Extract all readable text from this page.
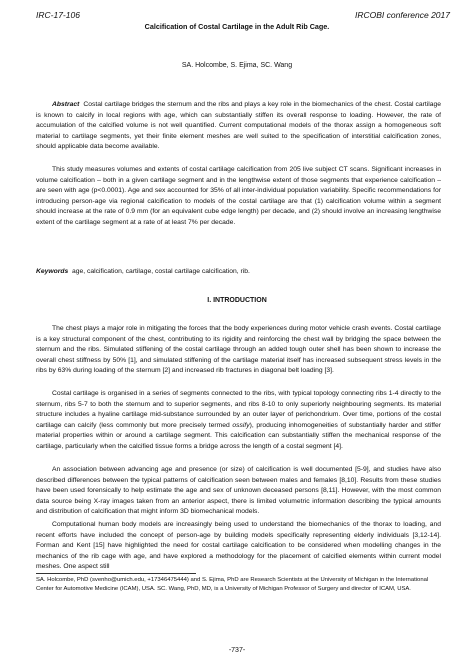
IRC-17-106
Calcification of Costal Cartilage in the Adult Rib Cage.
IRCOBI conference 2017
SA. Holcombe, S. Ejima, SC. Wang

Abstract Costal cartilage bridges the sternum and the ribs and plays a key role in the biomechanics of the chest. Costal cartilage is known to calcify in local regions with age, which can substantially stiffen its overall response to loading. However, the rate of accumulation of the calcified volume is not well quantified. Current computational models of the thorax assign a homogeneous soft material to cartilage segments, yet their finite element meshes are well suited to the specification of interstitial calcification zones, should applicable data become available.

This study measures volumes and extents of costal cartilage calcification from 205 live subject CT scans. Significant increases in volume calcification – both in a given cartilage segment and in the lengthwise extent of those segments that experience calcification – are seen with age (p<0.0001). Age and sex accounted for 35% of all inter-individual population variability. Specific recommendations for introducing person-age via regional calcification to models of the costal cartilage are that (1) calcification volume within a segment should increase at the rate of 0.9 mm (for an equivalent cube edge length) per decade, and (2) should involve an increasing lengthwise extent of the cartilage segment at a rate of at least 7% per decade.

Keywords age, calcification, cartilage, costal cartilage calcification, rib.

I. INTRODUCTION

The chest plays a major role in mitigating the forces that the body experiences during motor vehicle crash events. Costal cartilage is a key structural component of the chest, contributing to its rigidity and reinforcing the chest wall by bridging the space between the sternum and the ribs. Simulated stiffening of the costal cartilage through an added tough outer shell has been shown to increase the overall chest stiffness by 50% [1], and simulated stiffening of the cartilage material itself has increased subsequent stress levels in the ribs by 63% during loading of the sternum [2] and increased rib fractures in diagonal belt loading [3].

Costal cartilage is organised in a series of segments connected to the ribs, with typical topology connecting ribs 1-4 directly to the sternum, ribs 5-7 to both the sternum and to superior segments, and ribs 8-10 to only superiorly neighbouring segments. Its material structure includes a hyaline cartilage mid-substance surrounded by an outer layer of perichondrium. Over time, portions of the costal cartilage can calcify (less commonly but more precisely termed ossify), producing inhomogeneities of substantially harder and stiffer material properties within or around a cartilage segment. This calcification can substantially stiffen the mechanical response of the cartilage, particularly when the calcified tissue forms a bridge across the length of a costal segment [4].

An association between advancing age and presence (or size) of calcification is well documented [5-9], and studies have also described differences between the typical patterns of calcification seen between males and females [8,10]. Results from these studies have been used forensically to help estimate the age and sex of unknown deceased persons [8,11]. However, with the most common data source being X-ray images taken from an anterior aspect, there is limited volumetric information describing the typical amounts and distribution of calcification that might inform 3D biomechanical models.

Computational human body models are increasingly being used to understand the biomechanics of the thorax to loading, and recent efforts have included the concept of person-age by building models specifically representing elderly individuals [3,12-14]. Forman and Kent [15] have highlighted the need for costal cartilage calcification to be considered when modelling changes in the mechanics of the rib cage with age, and have explored a methodology for the placement of calcified elements within current model meshes. One aspect still

SA. Holcombe, PhD (svenho@umich.edu, +17346475444) and S. Ejima, PhD are Research Scientists at the University of Michigan in the International Center for Automotive Medicine (ICAM), USA. SC. Wang, PhD, MD, is a University of Michigan Professor of Surgery and director of ICAM, USA.

-737-
